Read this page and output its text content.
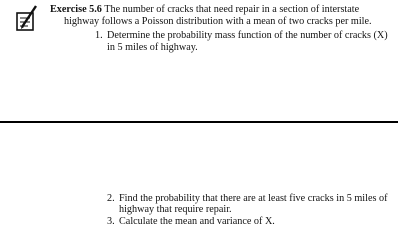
Exercise 5.6 The number of cracks that need repair in a section of interstate highway follows a Poisson distribution with a mean of two cracks per mile.

1. Determine the probability mass function of the number of cracks (X) in 5 miles of highway.
2. Find the probability that there are at least five cracks in 5 miles of highway that require repair.
3. Calculate the mean and variance of X.
